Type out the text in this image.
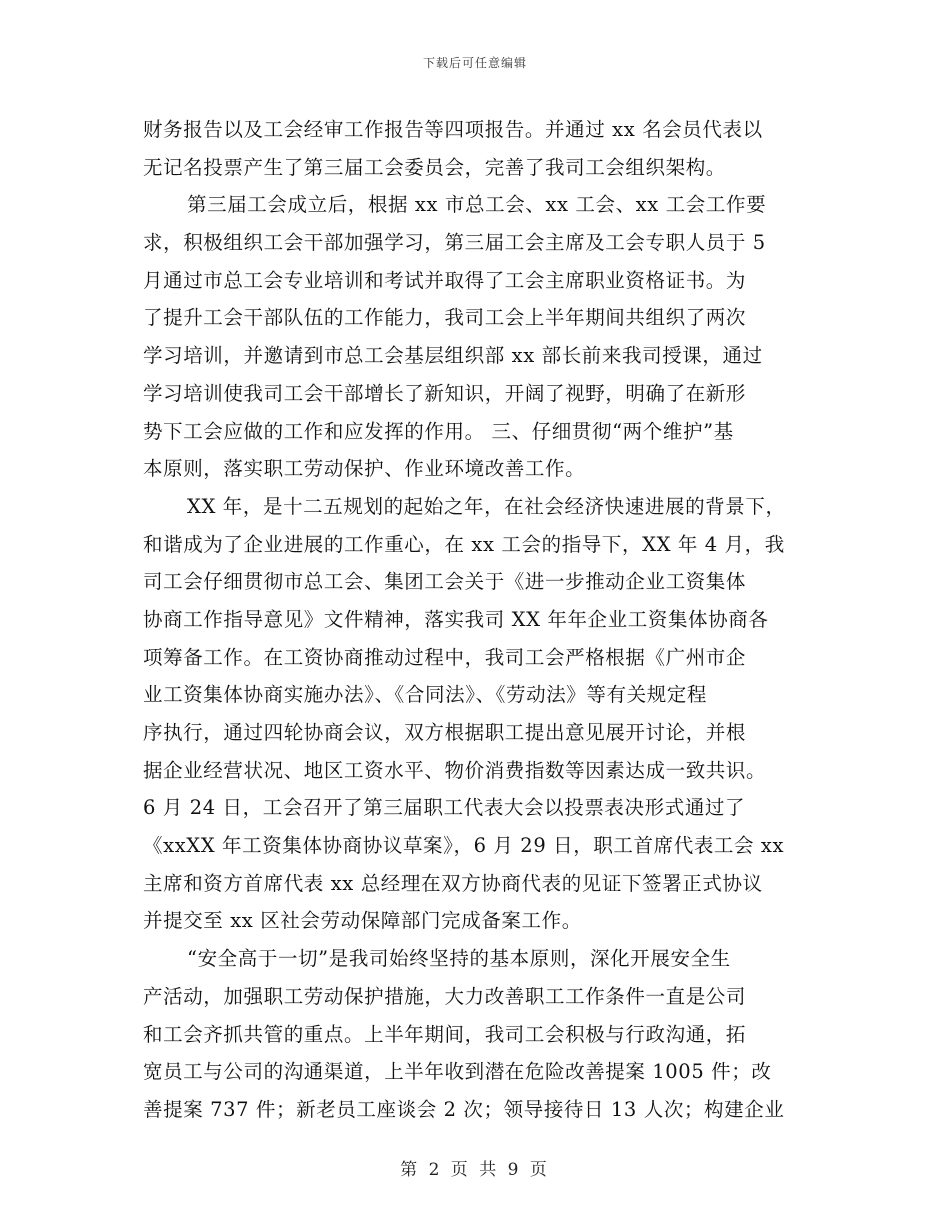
下载后可任意编辑
财务报告以及工会经审工作报告等四项报告。并通过 xx 名会员代表以
无记名投票产生了第三届工会委员会，完善了我司工会组织架构。
第三届工会成立后，根据 xx 市总工会、xx 工会、xx 工会工作要
求，积极组织工会干部加强学习，第三届工会主席及工会专职人员于 5
月通过市总工会专业培训和考试并取得了工会主席职业资格证书。为
了提升工会干部队伍的工作能力，我司工会上半年期间共组织了两次
学习培训，并邀请到市总工会基层组织部 xx 部长前来我司授课，通过
学习培训使我司工会干部增长了新知识，开阔了视野，明确了在新形
势下工会应做的工作和应发挥的作用。 三、仔细贯彻“两个维护”基
本原则，落实职工劳动保护、作业环境改善工作。
XX 年，是十二五规划的起始之年，在社会经济快速进展的背景下，
和谐成为了企业进展的工作重心，在 xx 工会的指导下，XX 年 4 月，我
司工会仔细贯彻市总工会、集团工会关于《进一步推动企业工资集体
协商工作指导意见》文件精神，落实我司 XX 年年企业工资集体协商各
项筹备工作。在工资协商推动过程中，我司工会严格根据《广州市企
业工资集体协商实施办法》、《合同法》、《劳动法》等有关规定程
序执行，通过四轮协商会议，双方根据职工提出意见展开讨论，并根
据企业经营状况、地区工资水平、物价消费指数等因素达成一致共识。
6 月 24 日，工会召开了第三届职工代表大会以投票表决形式通过了
《xxXX 年工资集体协商协议草案》，6 月 29 日，职工首席代表工会 xx
主席和资方首席代表 xx 总经理在双方协商代表的见证下签署正式协议
并提交至 xx 区社会劳动保障部门完成备案工作。
“安全高于一切”是我司始终坚持的基本原则，深化开展安全生
产活动，加强职工劳动保护措施，大力改善职工工作条件一直是公司
和工会齐抓共管的重点。上半年期间，我司工会积极与行政沟通，拓
宽员工与公司的沟通渠道，上半年收到潜在危险改善提案 1005 件；改
善提案 737 件；新老员工座谈会 2 次；领导接待日 13 人次；构建企业
第 2 页 共 9 页
